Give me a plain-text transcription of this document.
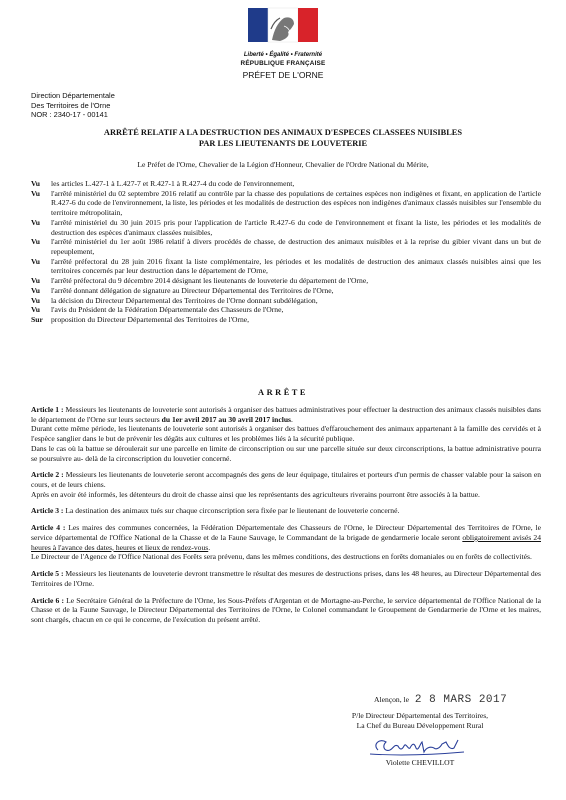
Liberté • Égalité • Fraternité
RÉPUBLIQUE FRANÇAISE
PRÉFET DE L'ORNE
Direction Départementale
Des Territoires de l'Orne
NOR : 2340-17 - 00141
ARRÊTÉ RELATIF A LA DESTRUCTION DES ANIMAUX D'ESPECES CLASSEES NUISIBLES
PAR LES LIEUTENANTS DE LOUVETERIE
Le Préfet de l'Orne, Chevalier de la Légion d'Honneur, Chevalier de l'Ordre National du Mérite,
Vu	les articles L.427-1 à L.427-7 et R.427-1 à R.427-4 du code de l'environnement,
Vu	l'arrêté ministériel du 02 septembre 2016 relatif au contrôle par la chasse des populations de certaines espèces non indigènes et fixant, en application de l'article R.427-6 du code de l'environnement, la liste, les périodes et les modalités de destruction des espèces non indigènes d'animaux classés nuisibles sur l'ensemble du territoire métropolitain,
Vu	l'arrêté ministériel du 30 juin 2015 pris pour l'application de l'article R.427-6 du code de l'environnement et fixant la liste, les périodes et les modalités de destruction des espèces d'animaux classées nuisibles,
Vu	l'arrêté ministériel du 1er août 1986 relatif à divers procédés de chasse, de destruction des animaux nuisibles et à la reprise du gibier vivant dans un but de repeuplement,
Vu	l'arrêté préfectoral du 28 juin 2016 fixant la liste complémentaire, les périodes et les modalités de destruction des animaux classés nuisibles ainsi que les territoires concernés par leur destruction dans le département de l'Orne,
Vu	l'arrêté préfectoral du 9 décembre 2014 désignant les lieutenants de louveterie du département de l'Orne,
Vu	l'arrêté donnant délégation de signature au Directeur Départemental des Territoires de l'Orne,
Vu	la décision du Directeur Départemental des Territoires de l'Orne donnant subdélégation,
Vu	l'avis du Président de la Fédération Départementale des Chasseurs de l'Orne,
Sur	proposition du Directeur Départemental des Territoires de l'Orne,
ARRÊTE

Article 1 : Messieurs les lieutenants de louveterie sont autorisés à organiser des battues administratives pour effectuer la destruction des animaux classés nuisibles dans le département de l'Orne sur leurs secteurs du 1er avril 2017 au 30 avril 2017 inclus.

Durant cette même période, les lieutenants de louveterie sont autorisés à organiser des battues d'effarouchement des animaux appartenant à la famille des cervidés et à l'espèce sanglier dans le but de prévenir les dégâts aux cultures et les problèmes liés à la sécurité publique.

Dans le cas où la battue se déroulerait sur une parcelle en limite de circonscription ou sur une parcelle située sur deux circonscriptions, la battue administrative pourra se poursuivre au- delà de la circonscription du louvetier concerné.

Article 2 : Messieurs les lieutenants de louveterie seront accompagnés des gens de leur équipage, titulaires et porteurs d'un permis de chasser valable pour la saison en cours, et de leurs chiens.

Après en avoir été informés, les détenteurs du droit de chasse ainsi que les représentants des agriculteurs riverains pourront être associés à la battue.

Article 3 : La destination des animaux tués sur chaque circonscription sera fixée par le lieutenant de louveterie concerné.

Article 4 : Les maires des communes concernées, la Fédération Départementale des Chasseurs de l'Orne, le Directeur Départemental des Territoires de l'Orne, le service départemental de l'Office National de la Chasse et de la Faune Sauvage, le Commandant de la brigade de gendarmerie locale seront obligatoirement avisés 24 heures à l'avance des dates, heures et lieux de rendez-vous.

Le Directeur de l'Agence de l'Office National des Forêts sera prévenu, dans les mêmes conditions, des destructions en forêts domaniales ou en forêts de collectivités.

Article 5 : Messieurs les lieutenants de louveterie devront transmettre le résultat des mesures de destructions prises, dans les 48 heures, au Directeur Départemental des Territoires de l'Orne.

Article 6 : Le Secrétaire Général de la Préfecture de l'Orne, les Sous-Préfets d'Argentan et de Mortagne-au-Perche, le service départemental de l'Office National de la Chasse et de la Faune Sauvage, le Directeur Départemental des Territoires de l'Orne, le Colonel commandant le Groupement de Gendarmerie de l'Orne et les maires, sont chargés, chacun en ce qui le concerne, de l'exécution du présent arrêté.

Alençon, le 2 8 MARS 2017
P/le Directeur Départemental des Territoires,
La Chef du Bureau Développement Rural
Violette CHEVILLOT
